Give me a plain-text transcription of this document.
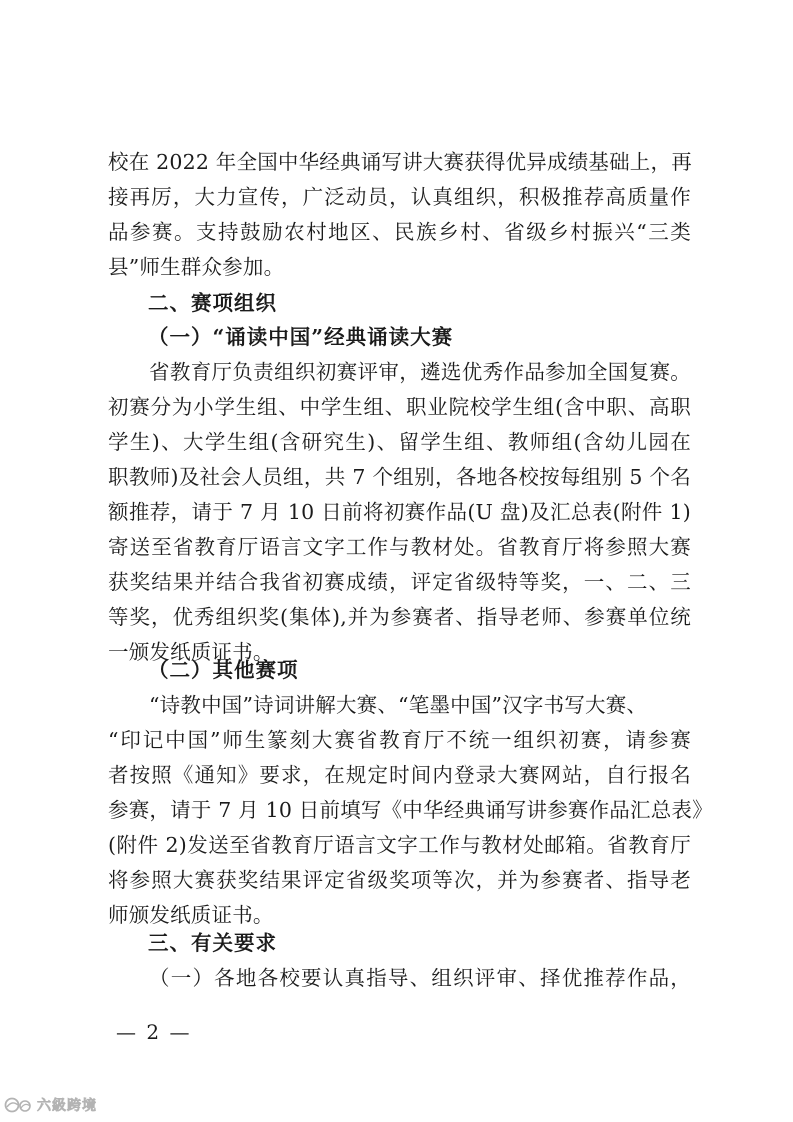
校在 2022 年全国中华经典诵写讲大赛获得优异成绩基础上，再
接再厉，大力宣传，广泛动员，认真组织，积极推荐高质量作
品参赛。支持鼓励农村地区、民族乡村、省级乡村振兴“三类
县”师生群众参加。
二、赛项组织
（一）“诵读中国”经典诵读大赛
省教育厅负责组织初赛评审，遴选优秀作品参加全国复赛。
初赛分为小学生组、中学生组、职业院校学生组(含中职、高职
学生)、大学生组(含研究生)、留学生组、教师组(含幼儿园在
职教师)及社会人员组，共 7 个组别，各地各校按每组别 5 个名
额推荐，请于 7 月 10 日前将初赛作品(U 盘)及汇总表(附件 1)
寄送至省教育厅语言文字工作与教材处。省教育厅将参照大赛
获奖结果并结合我省初赛成绩，评定省级特等奖，一、二、三
等奖，优秀组织奖(集体),并为参赛者、指导老师、参赛单位统
一颁发纸质证书。
（二）其他赛项
“诗教中国”诗词讲解大赛、“笔墨中国”汉字书写大赛、
“印记中国”师生篆刻大赛省教育厅不统一组织初赛，请参赛
者按照《通知》要求，在规定时间内登录大赛网站，自行报名
参赛，请于 7 月 10 日前填写《中华经典诵写讲参赛作品汇总表》
(附件 2)发送至省教育厅语言文字工作与教材处邮箱。省教育厅
将参照大赛获奖结果评定省级奖项等次，并为参赛者、指导老
师颁发纸质证书。
三、有关要求
（一）各地各校要认真指导、组织评审、择优推荐作品，
— 2 —
六級跨境
